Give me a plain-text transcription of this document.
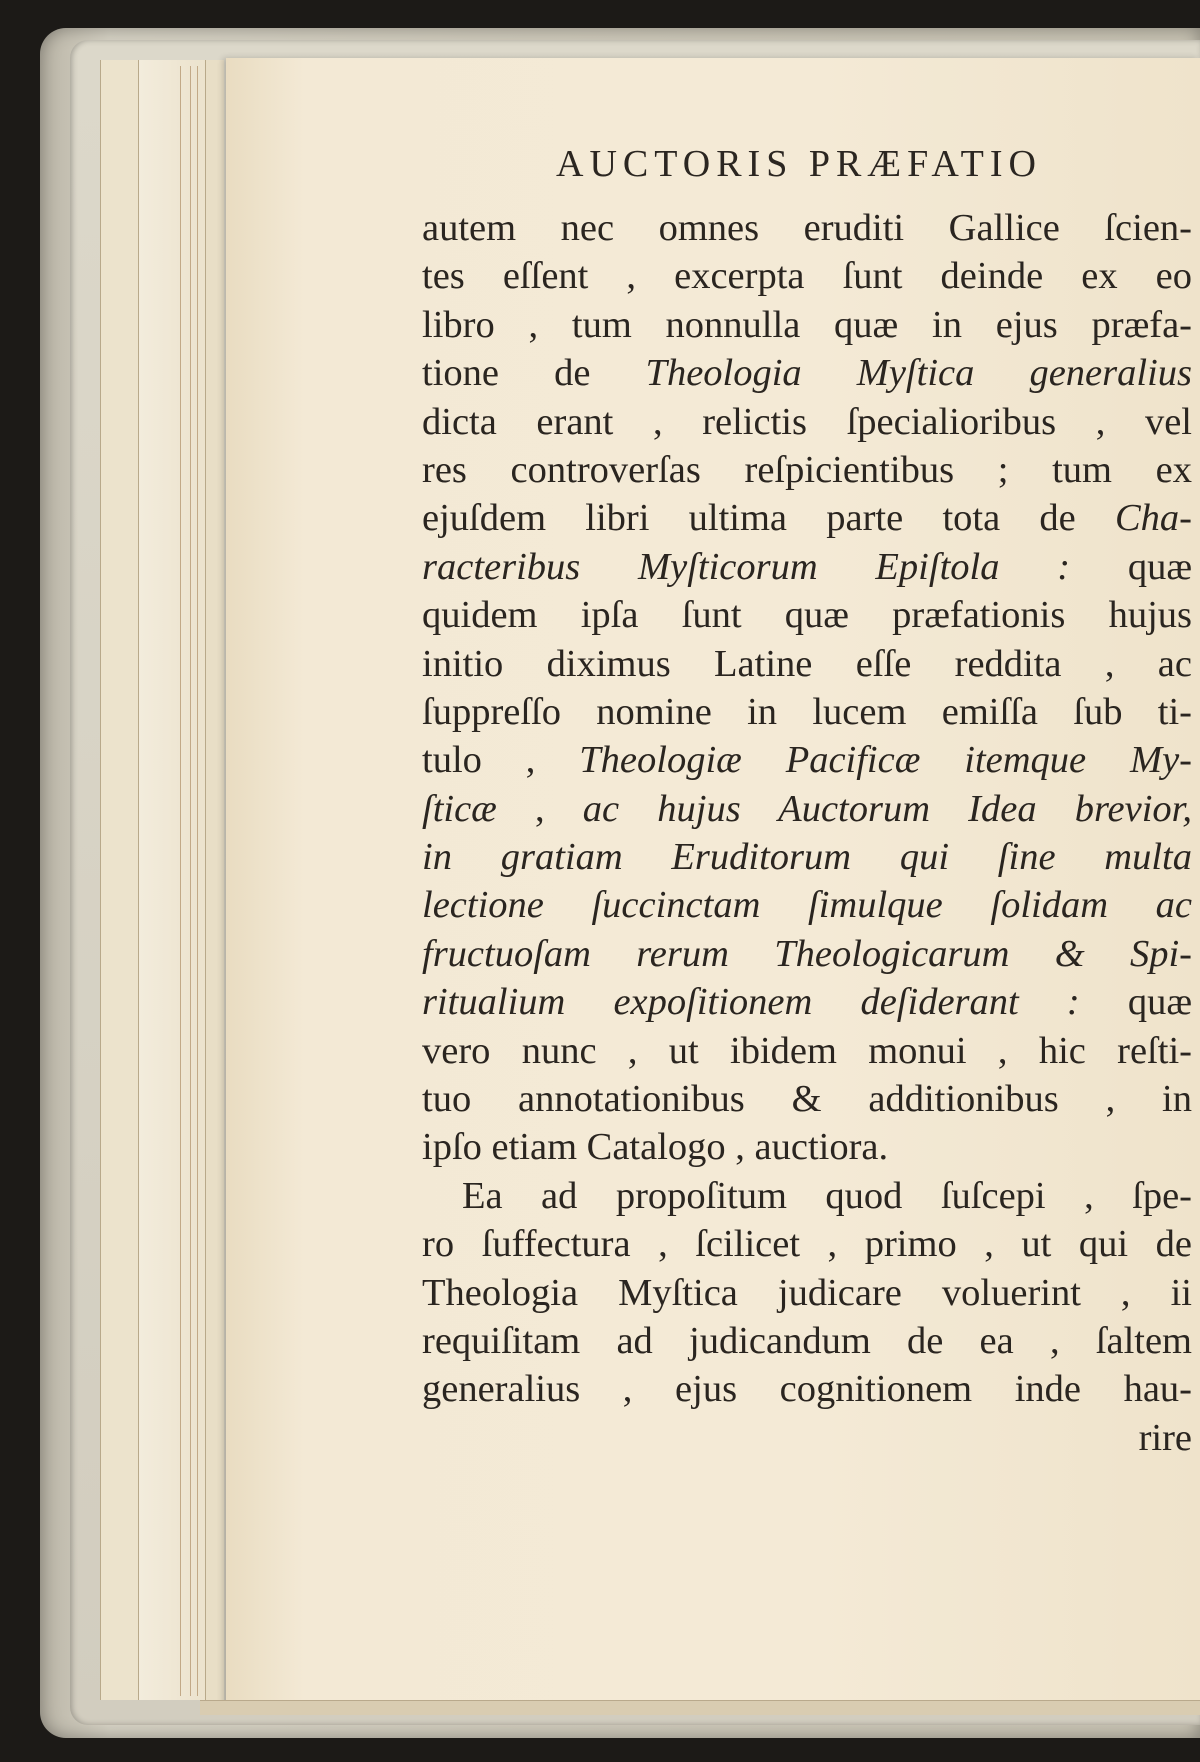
AUCTORIS PRÆFATIO
autem nec omnes eruditi Gallice ſcien-
tes eſſent , excerpta ſunt deinde ex eo
libro , tum nonnulla quæ in ejus præfa-
tione de Theologia Myſtica generalius
dicta erant , relictis ſpecialioribus , vel
res controverſas reſpicientibus ; tum ex
ejuſdem libri ultima parte tota de Cha-
racteribus Myſticorum Epiſtola : quæ
quidem ipſa ſunt quæ præfationis hujus
initio diximus Latine eſſe reddita , ac
ſuppreſſo nomine in lucem emiſſa ſub ti-
tulo , Theologiæ Pacificæ itemque My-
ſticæ , ac hujus Auctorum Idea brevior,
in gratiam Eruditorum qui ſine multa
lectione ſuccinctam ſimulque ſolidam ac
fructuoſam rerum Theologicarum & Spi-
ritualium expoſitionem deſiderant : quæ
vero nunc , ut ibidem monui , hic reſti-
tuo annotationibus & additionibus , in
ipſo etiam Catalogo , auctiora.
Ea ad propoſitum quod ſuſcepi , ſpe-
ro ſuffectura , ſcilicet , primo , ut qui de
Theologia Myſtica judicare voluerint , ii
requiſitam ad judicandum de ea , ſaltem
generalius , ejus cognitionem inde hau-
rire
